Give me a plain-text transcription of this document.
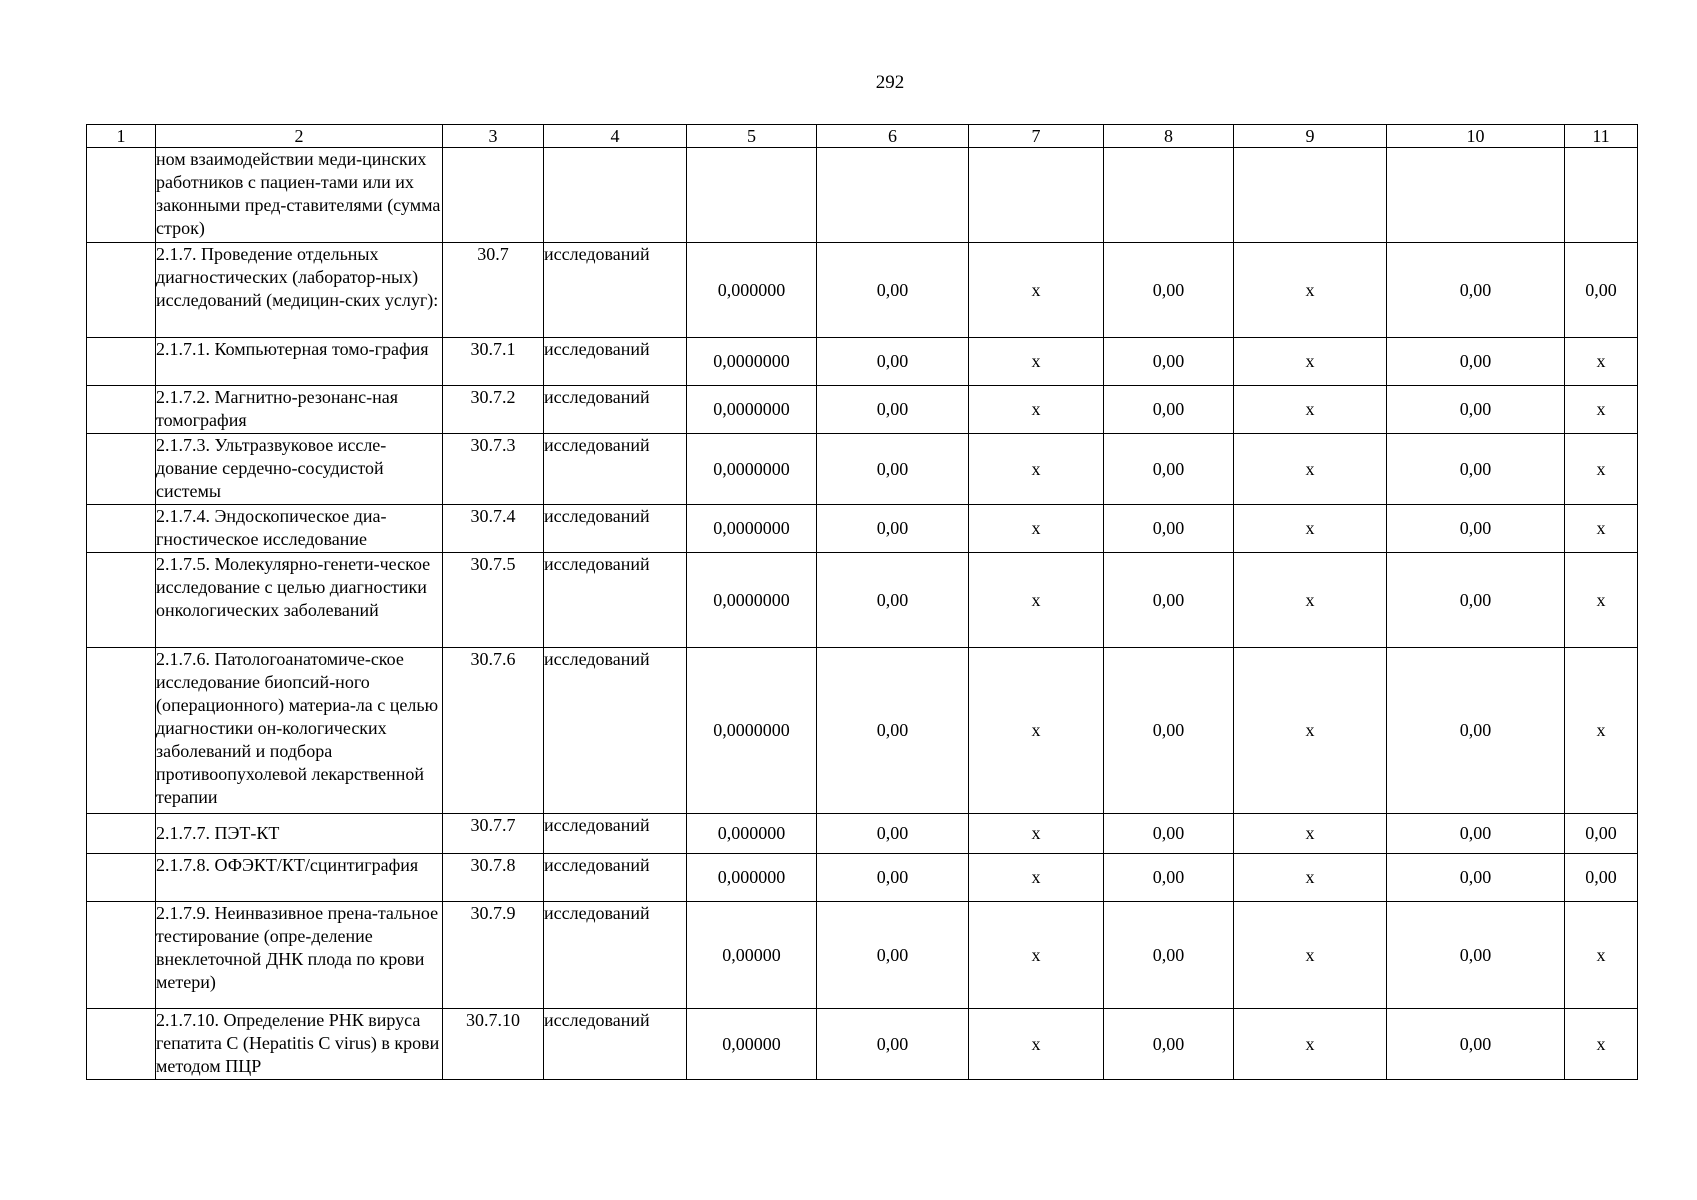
292
1	2	3	4	5	6	7	8	9	10	11
	ном взаимодействии меди-цинских работников с пациен-тами или их законными пред-ставителями (сумма строк)									
	2.1.7. Проведение отдельных диагностических (лаборатор-ных) исследований (медицин-ских услуг):	30.7	исследований	0,000000	0,00	х	0,00	х	0,00	0,00
	2.1.7.1. Компьютерная томо-графия	30.7.1	исследований	0,0000000	0,00	х	0,00	х	0,00	х
	2.1.7.2. Магнитно-резонанс-ная томография	30.7.2	исследований	0,0000000	0,00	х	0,00	х	0,00	х
	2.1.7.3. Ультразвуковое иссле-дование сердечно-сосудистой системы	30.7.3	исследований	0,0000000	0,00	х	0,00	х	0,00	х
	2.1.7.4. Эндоскопическое диа-гностическое исследование	30.7.4	исследований	0,0000000	0,00	х	0,00	х	0,00	х
	2.1.7.5. Молекулярно-генети-ческое исследование с целью диагностики онкологических заболеваний	30.7.5	исследований	0,0000000	0,00	х	0,00	х	0,00	х
	2.1.7.6. Патологоанатомиче-ское исследование биопсий-ного (операционного) материа-ла с целью диагностики он-кологических заболеваний и подбора противоопухолевой лекарственной терапии	30.7.6	исследований	0,0000000	0,00	х	0,00	х	0,00	х
	2.1.7.7. ПЭТ-КТ	30.7.7	исследований	0,000000	0,00	х	0,00	х	0,00	0,00
	2.1.7.8. ОФЭКТ/КТ/сцинтиграфия	30.7.8	исследований	0,000000	0,00	х	0,00	х	0,00	0,00
	2.1.7.9. Неинвазивное прена-тальное тестирование (опре-деление внеклеточной ДНК плода по крови метери)	30.7.9	исследований	0,00000	0,00	х	0,00	х	0,00	х
	2.1.7.10. Определение РНК вируса гепатита С (Hepatitis C virus) в крови методом ПЦР	30.7.10	исследований	0,00000	0,00	х	0,00	х	0,00	х
